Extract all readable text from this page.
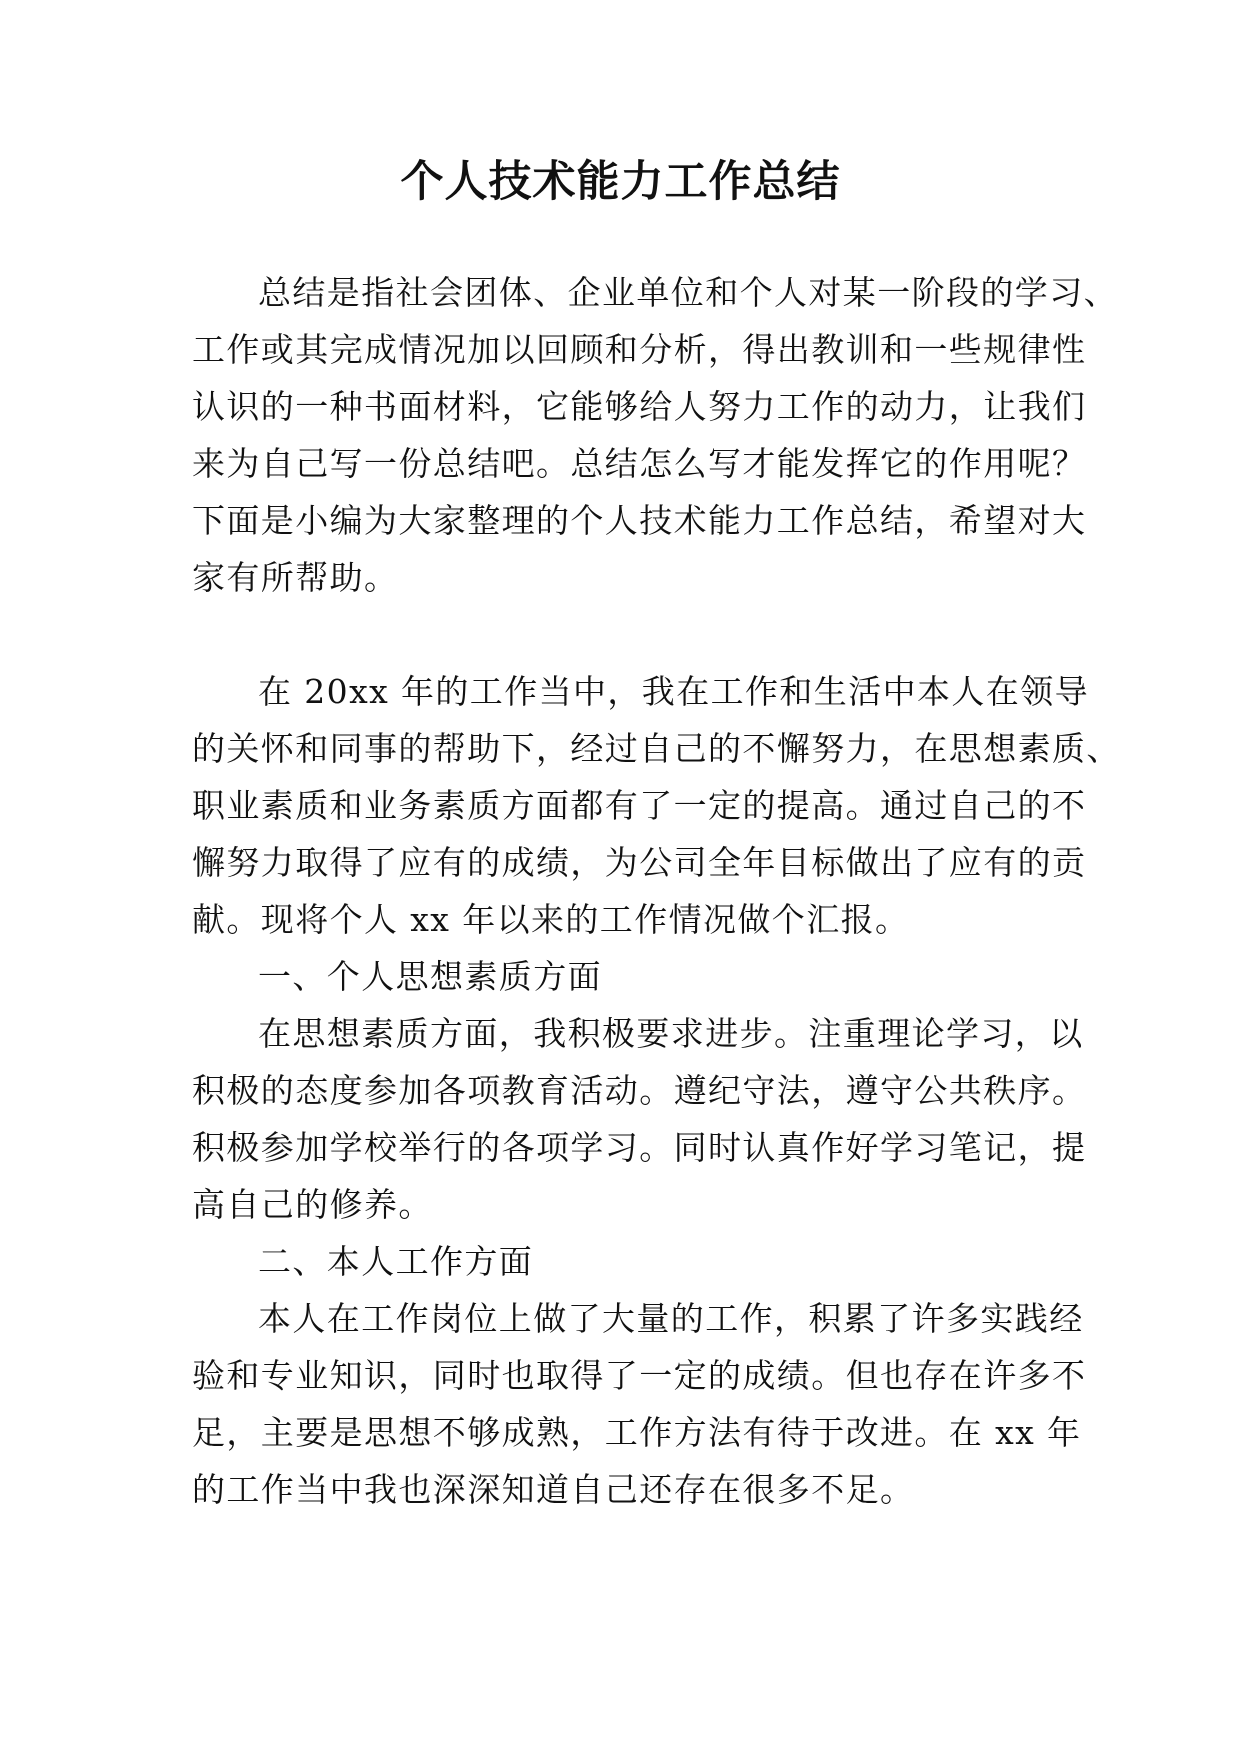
个人技术能力工作总结
总结是指社会团体、企业单位和个人对某一阶段的学习、
工作或其完成情况加以回顾和分析，得出教训和一些规律性
认识的一种书面材料，它能够给人努力工作的动力，让我们
来为自己写一份总结吧。总结怎么写才能发挥它的作用呢？
下面是小编为大家整理的个人技术能力工作总结，希望对大
家有所帮助。
在 20xx 年的工作当中，我在工作和生活中本人在领导
的关怀和同事的帮助下，经过自己的不懈努力，在思想素质、
职业素质和业务素质方面都有了一定的提高。通过自己的不
懈努力取得了应有的成绩，为公司全年目标做出了应有的贡
献。现将个人 xx 年以来的工作情况做个汇报。
一、个人思想素质方面
在思想素质方面，我积极要求进步。注重理论学习，以
积极的态度参加各项教育活动。遵纪守法，遵守公共秩序。
积极参加学校举行的各项学习。同时认真作好学习笔记，提
高自己的修养。
二、本人工作方面
本人在工作岗位上做了大量的工作，积累了许多实践经
验和专业知识，同时也取得了一定的成绩。但也存在许多不
足，主要是思想不够成熟，工作方法有待于改进。在 xx 年
的工作当中我也深深知道自己还存在很多不足。
